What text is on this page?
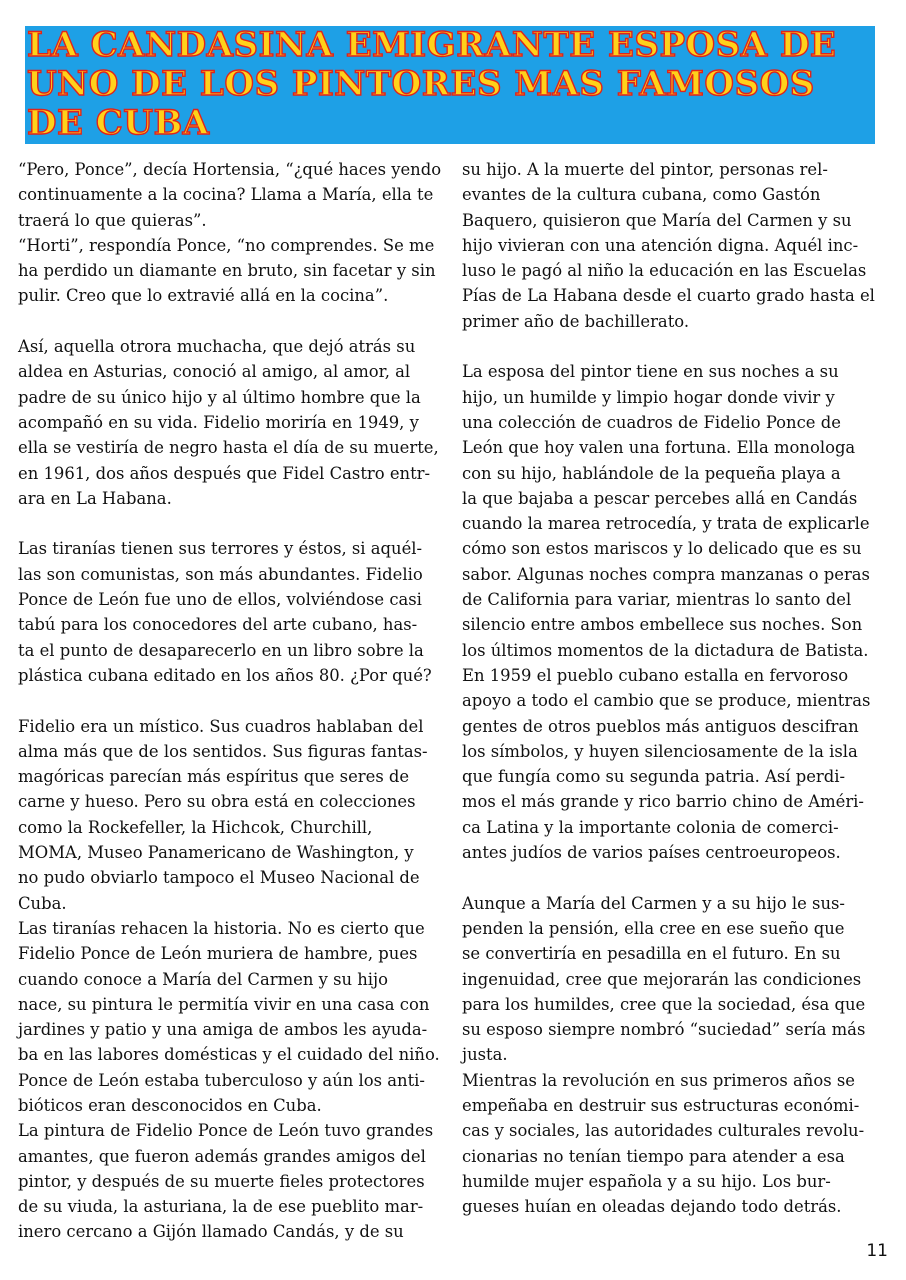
LA CANDASINA EMIGRANTE ESPOSA DE
UNO DE LOS PINTORES MAS FAMOSOS
DE CUBA

“Pero, Ponce”, decía Hortensia, “¿qué haces yendo
continuamente a la cocina? Llama a María, ella te
traerá lo que quieras”.

“Horti”, respondía Ponce, “no comprendes. Se me
ha perdido un diamante en bruto, sin facetar y sin
pulir. Creo que lo extravié allá en la cocina”.

Así, aquella otrora muchacha, que dejó atrás su
aldea en Asturias, conoció al amigo, al amor, al
padre de su único hijo y al último hombre que la
acompañó en su vida. Fidelio moriría en 1949, y
ella se vestiría de negro hasta el día de su muerte,
en 1961, dos años después que Fidel Castro entr-
ara en La Habana.

Las tiranías tienen sus terrores y éstos, si aquél-
las son comunistas, son más abundantes. Fidelio
Ponce de León fue uno de ellos, volviéndose casi
tabú para los conocedores del arte cubano, has-
ta el punto de desaparecerlo en un libro sobre la
plástica cubana editado en los años 80. ¿Por qué?

Fidelio era un místico. Sus cuadros hablaban del
alma más que de los sentidos. Sus figuras fantas-
magóricas parecían más espíritus que seres de
carne y hueso. Pero su obra está en colecciones
como la Rockefeller, la Hichcok, Churchill,
MOMA, Museo Panamericano de Washington, y
no pudo obviarlo tampoco el Museo Nacional de
Cuba.

Las tiranías rehacen la historia. No es cierto que
Fidelio Ponce de León muriera de hambre, pues
cuando conoce a María del Carmen y su hijo
nace, su pintura le permitía vivir en una casa con
jardines y patio y una amiga de ambos les ayuda-
ba en las labores domésticas y el cuidado del niño.
Ponce de León estaba tuberculoso y aún los anti-
bióticos eran desconocidos en Cuba.

La pintura de Fidelio Ponce de León tuvo grandes
amantes, que fueron además grandes amigos del
pintor, y después de su muerte fieles protectores
de su viuda, la asturiana, la de ese pueblito mar-
inero cercano a Gijón llamado Candás, y de su

su hijo. A la muerte del pintor, personas rel-
evantes de la cultura cubana, como Gastón
Baquero, quisieron que María del Carmen y su
hijo vivieran con una atención digna. Aquél inc-
luso le pagó al niño la educación en las Escuelas
Pías de La Habana desde el cuarto grado hasta el
primer año de bachillerato.

La esposa del pintor tiene en sus noches a su
hijo, un humilde y limpio hogar donde vivir y
una colección de cuadros de Fidelio Ponce de
León que hoy valen una fortuna. Ella monologa
con su hijo, hablándole de la pequeña playa a
la que bajaba a pescar percebes allá en Candás
cuando la marea retrocedía, y trata de explicarle
cómo son estos mariscos y lo delicado que es su
sabor. Algunas noches compra manzanas o peras
de California para variar, mientras lo santo del
silencio entre ambos embellece sus noches. Son
los últimos momentos de la dictadura de Batista.
En 1959 el pueblo cubano estalla en fervoroso
apoyo a todo el cambio que se produce, mientras
gentes de otros pueblos más antiguos descifran
los símbolos, y huyen silenciosamente de la isla
que fungía como su segunda patria. Así perdi-
mos el más grande y rico barrio chino de Améri-
ca Latina y la importante colonia de comerci-
antes judíos de varios países centroeuropeos.

Aunque a María del Carmen y a su hijo le sus-
penden la pensión, ella cree en ese sueño que
se convertiría en pesadilla en el futuro. En su
ingenuidad, cree que mejorarán las condiciones
para los humildes, cree que la sociedad, ésa que
su esposo siempre nombró “suciedad” sería más
justa.

Mientras la revolución en sus primeros años se
empeñaba en destruir sus estructuras económi-
cas y sociales, las autoridades culturales revolu-
cionarias no tenían tiempo para atender a esa
humilde mujer española y a su hijo. Los bur-
gueses huían en oleadas dejando todo detrás.

11
